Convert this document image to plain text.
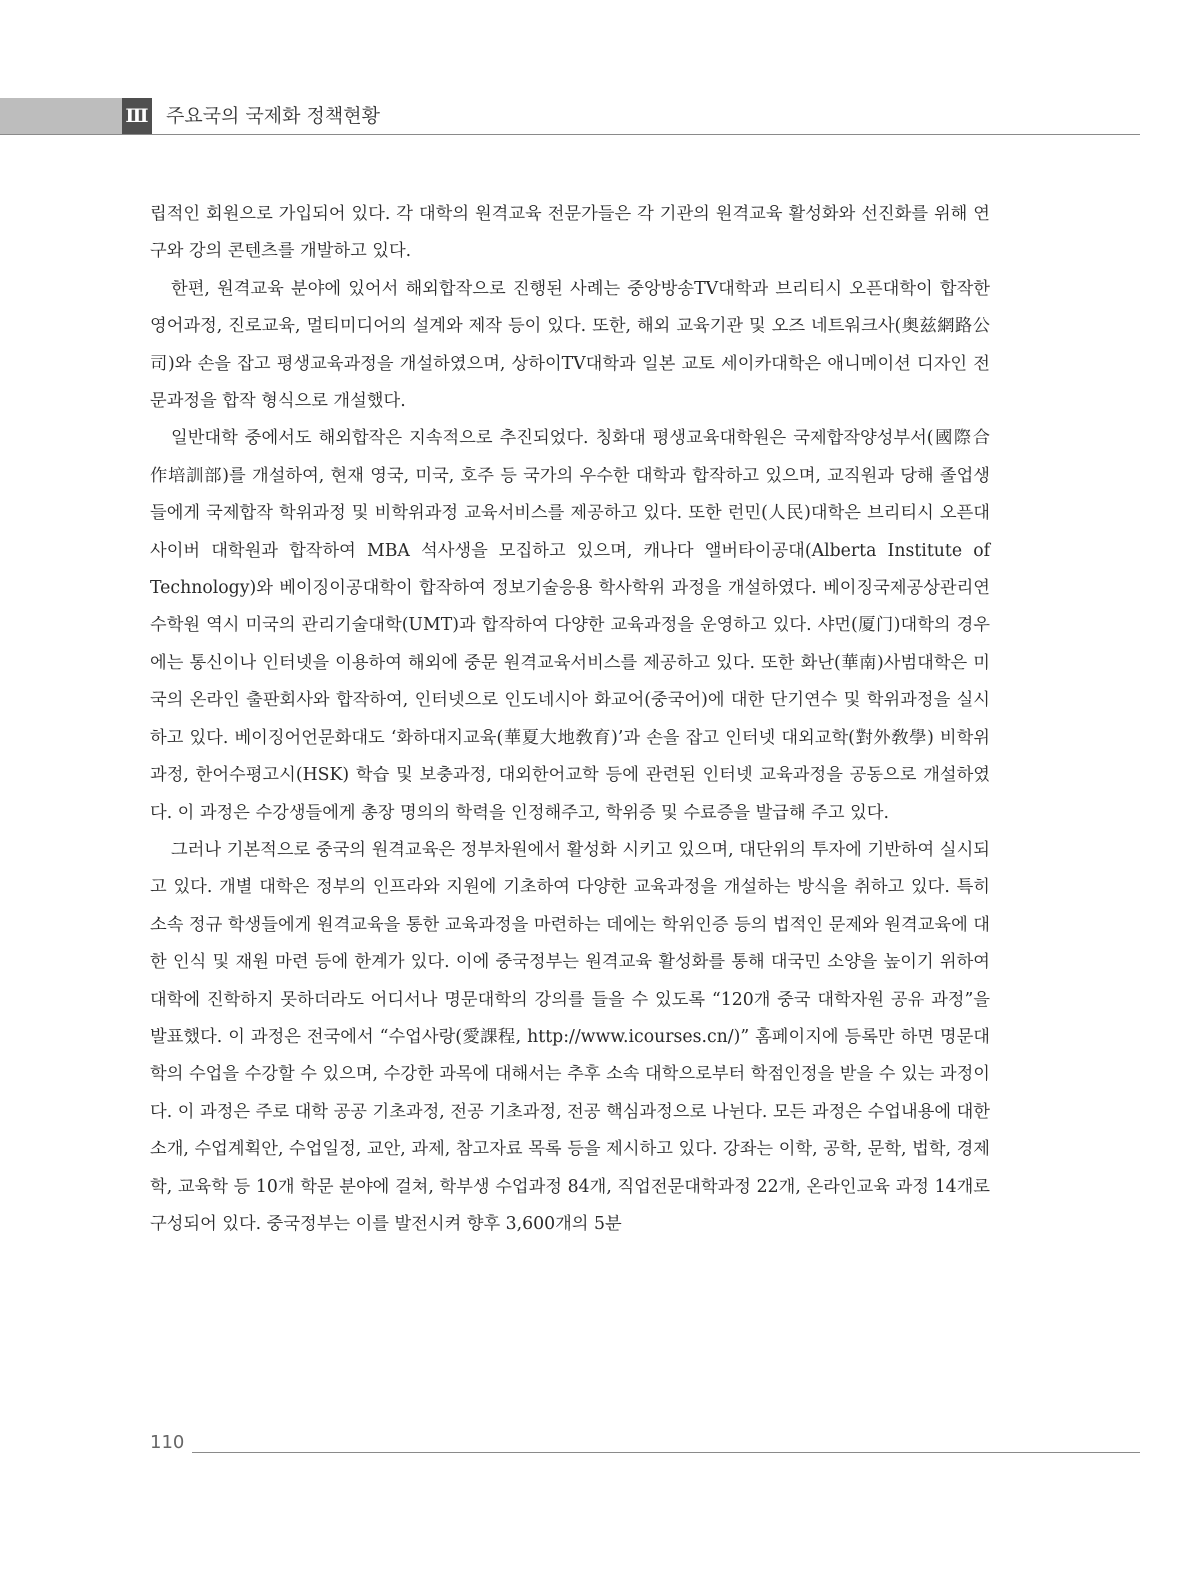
Ⅲ 주요국의 국제화 정책현황

립적인 회원으로 가입되어 있다. 각 대학의 원격교육 전문가들은 각 기관의 원격교육 활성화와 선진화를 위해 연구와 강의 콘텐츠를 개발하고 있다.

한편, 원격교육 분야에 있어서 해외합작으로 진행된 사례는 중앙방송TV대학과 브리티시 오픈대학이 합작한 영어과정, 진로교육, 멀티미디어의 설계와 제작 등이 있다. 또한, 해외 교육기관 및 오즈 네트워크사(奥兹網路公司)와 손을 잡고 평생교육과정을 개설하였으며, 상하이TV대학과 일본 교토 세이카대학은 애니메이션 디자인 전문과정을 합작 형식으로 개설했다.

일반대학 중에서도 해외합작은 지속적으로 추진되었다. 칭화대 평생교육대학원은 국제합작양성부서(國際合作培訓部)를 개설하여, 현재 영국, 미국, 호주 등 국가의 우수한 대학과 합작하고 있으며, 교직원과 당해 졸업생들에게 국제합작 학위과정 및 비학위과정 교육서비스를 제공하고 있다. 또한 런민(人民)대학은 브리티시 오픈대 사이버 대학원과 합작하여 MBA 석사생을 모집하고 있으며, 캐나다 앨버타이공대(Alberta Institute of Technology)와 베이징이공대학이 합작하여 정보기술응용 학사학위 과정을 개설하였다. 베이징국제공상관리연수학원 역시 미국의 관리기술대학(UMT)과 합작하여 다양한 교육과정을 운영하고 있다. 샤먼(厦门)대학의 경우에는 통신이나 인터넷을 이용하여 해외에 중문 원격교육서비스를 제공하고 있다. 또한 화난(華南)사범대학은 미국의 온라인 출판회사와 합작하여, 인터넷으로 인도네시아 화교어(중국어)에 대한 단기연수 및 학위과정을 실시하고 있다. 베이징어언문화대도 ‘화하대지교육(華夏大地敎育)’과 손을 잡고 인터넷 대외교학(對外敎學) 비학위과정, 한어수평고시(HSK) 학습 및 보충과정, 대외한어교학 등에 관련된 인터넷 교육과정을 공동으로 개설하였다. 이 과정은 수강생들에게 총장 명의의 학력을 인정해주고, 학위증 및 수료증을 발급해 주고 있다.

그러나 기본적으로 중국의 원격교육은 정부차원에서 활성화 시키고 있으며, 대단위의 투자에 기반하여 실시되고 있다. 개별 대학은 정부의 인프라와 지원에 기초하여 다양한 교육과정을 개설하는 방식을 취하고 있다. 특히 소속 정규 학생들에게 원격교육을 통한 교육과정을 마련하는 데에는 학위인증 등의 법적인 문제와 원격교육에 대한 인식 및 재원 마련 등에 한계가 있다. 이에 중국정부는 원격교육 활성화를 통해 대국민 소양을 높이기 위하여 대학에 진학하지 못하더라도 어디서나 명문대학의 강의를 들을 수 있도록 “120개 중국 대학자원 공유 과정”을 발표했다. 이 과정은 전국에서 “수업사랑(愛課程, http://www.icourses.cn/)” 홈페이지에 등록만 하면 명문대학의 수업을 수강할 수 있으며, 수강한 과목에 대해서는 추후 소속 대학으로부터 학점인정을 받을 수 있는 과정이다. 이 과정은 주로 대학 공공 기초과정, 전공 기초과정, 전공 핵심과정으로 나뉜다. 모든 과정은 수업내용에 대한 소개, 수업계획안, 수업일정, 교안, 과제, 참고자료 목록 등을 제시하고 있다. 강좌는 이학, 공학, 문학, 법학, 경제학, 교육학 등 10개 학문 분야에 걸쳐, 학부생 수업과정 84개, 직업전문대학과정 22개, 온라인교육 과정 14개로 구성되어 있다. 중국정부는 이를 발전시켜 향후 3,600개의 5분

110
